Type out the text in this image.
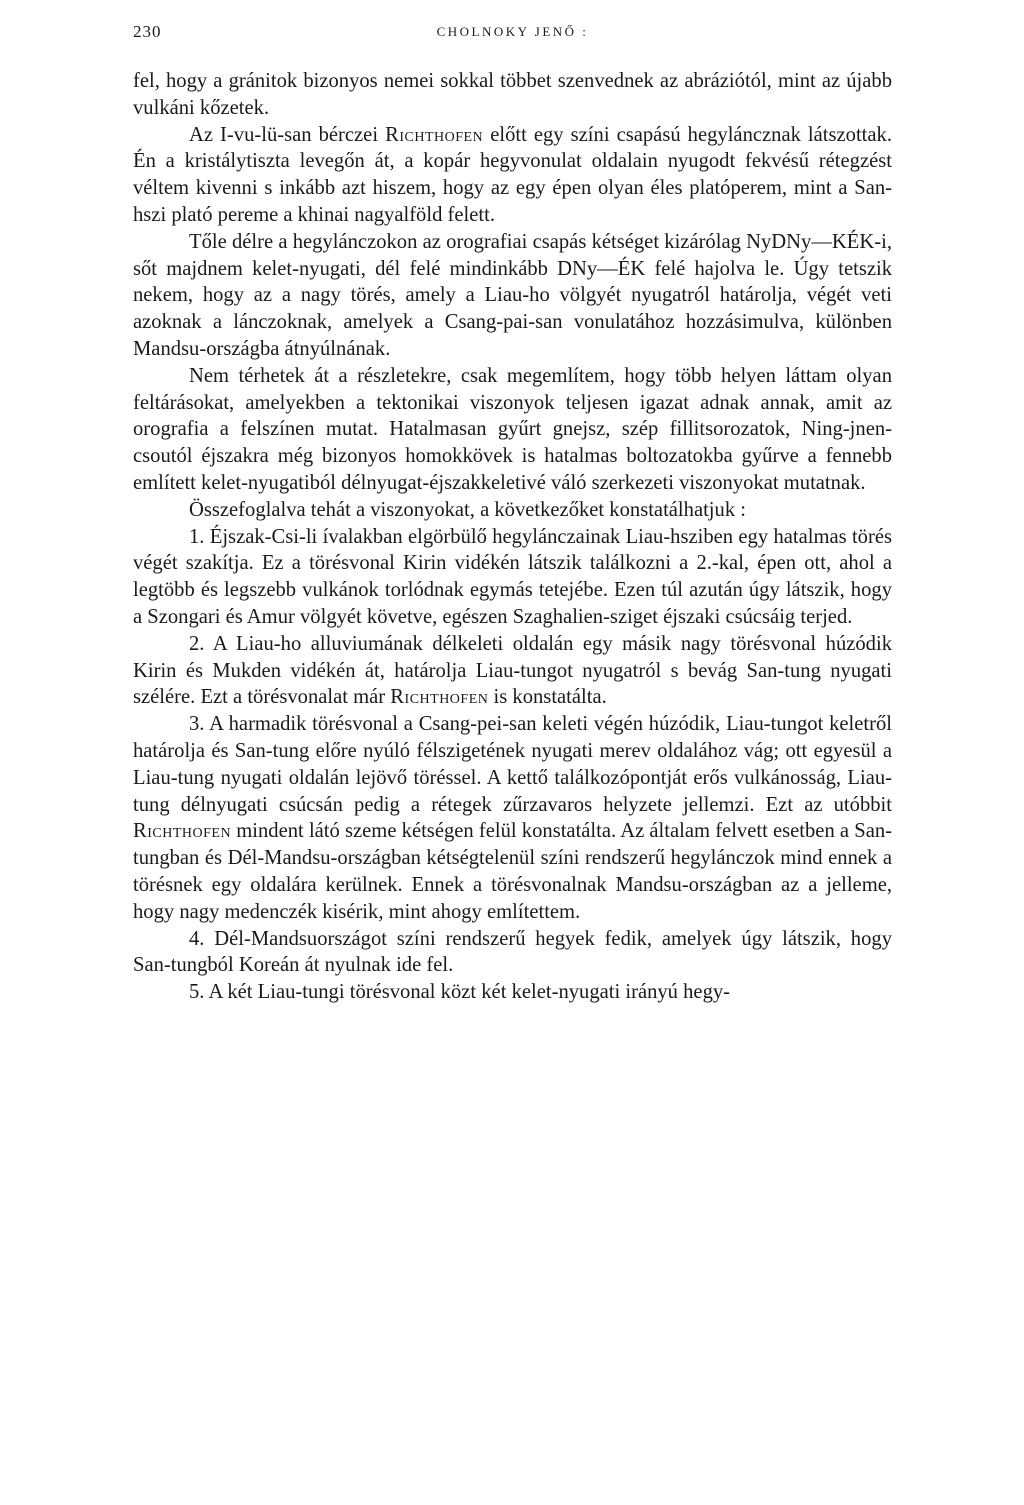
230	CHOLNOKY JENŐ :

fel, hogy a gránitok bizonyos nemei sokkal többet szenvednek az abráziótól, mint az újabb vulkáni kőzetek.

Az I-vu-lü-san bérczei Richthofen előtt egy színi csapású hegyláncznak látszottak. Én a kristálytiszta levegőn át, a kopár hegyvonulat oldalain nyugodt fekvésű rétegzést véltem kivenni s inkább azt hiszem, hogy az egy épen olyan éles platóperem, mint a San-hszi plató pereme a khinai nagyalföld felett.

Tőle délre a hegylánczokon az orografiai csapás kétséget kizárólag NyDNy—KÉK-i, sőt majdnem kelet-nyugati, dél felé mindinkább DNy—ÉK felé hajolva le. Úgy tetszik nekem, hogy az a nagy törés, amely a Liau-ho völgyét nyugatról határolja, végét veti azoknak a lánczoknak, amelyek a Csang-pai-san vonulatához hozzásimulva, különben Mandsu-országba átnyúlnának.

Nem térhetek át a részletekre, csak megemlítem, hogy több helyen láttam olyan feltárásokat, amelyekben a tektonikai viszonyok teljesen igazat adnak annak, amit az orografia a felszínen mutat. Hatalmasan gyűrt gnejsz, szép fillitsorozatok, Ning-jnen-csoutól éjszakra még bizonyos homokkövek is hatalmas boltozatokba gyűrve a fennebb említett kelet-nyugatiból délnyugat-éjszakkeletivé váló szerkezeti viszonyokat mutatnak.

Összefoglalva tehát a viszonyokat, a következőket konstatálhatjuk :

1. Éjszak-Csi-li ívalakban elgörbülő hegylánczainak Liau-hsziben egy hatalmas törés végét szakítja. Ez a törésvonal Kirin vidékén látszik találkozni a 2.-kal, épen ott, ahol a legtöbb és legszebb vulkánok torlódnak egymás tetejébe. Ezen túl azután úgy látszik, hogy a Szongari és Amur völgyét követve, egészen Szaghalien-sziget éjszaki csúcsáig terjed.

2. A Liau-ho alluviumának délkeleti oldalán egy másik nagy törésvonal húzódik Kirin és Mukden vidékén át, határolja Liau-tungot nyugatról s bevág San-tung nyugati szélére. Ezt a törésvonalat már Richthofen is konstatálta.

3. A harmadik törésvonal a Csang-pei-san keleti végén húzódik, Liau-tungot keletről határolja és San-tung előre nyúló félszigetének nyugati merev oldalához vág; ott egyesül a Liau-tung nyugati oldalán lejövő töréssel. A kettő találkozópontját erős vulkánosság, Liau-tung délnyugati csúcsán pedig a rétegek zűrzavaros helyzete jellemzi. Ezt az utóbbit Richthofen mindent látó szeme kétségen felül konstatálta. Az általam felvett esetben a San-tungban és Dél-Mandsu-országban kétségtelenül színi rendszerű hegylánczok mind ennek a törésnek egy oldalára kerülnek. Ennek a törésvonalnak Mandsu-országban az a jelleme, hogy nagy medenczék kisérik, mint ahogy említettem.

4. Dél-Mandsuországot színi rendszerű hegyek fedik, amelyek úgy látszik, hogy San-tungból Koreán át nyulnak ide fel.

5. A két Liau-tungi törésvonal közt két kelet-nyugati irányú hegy-
